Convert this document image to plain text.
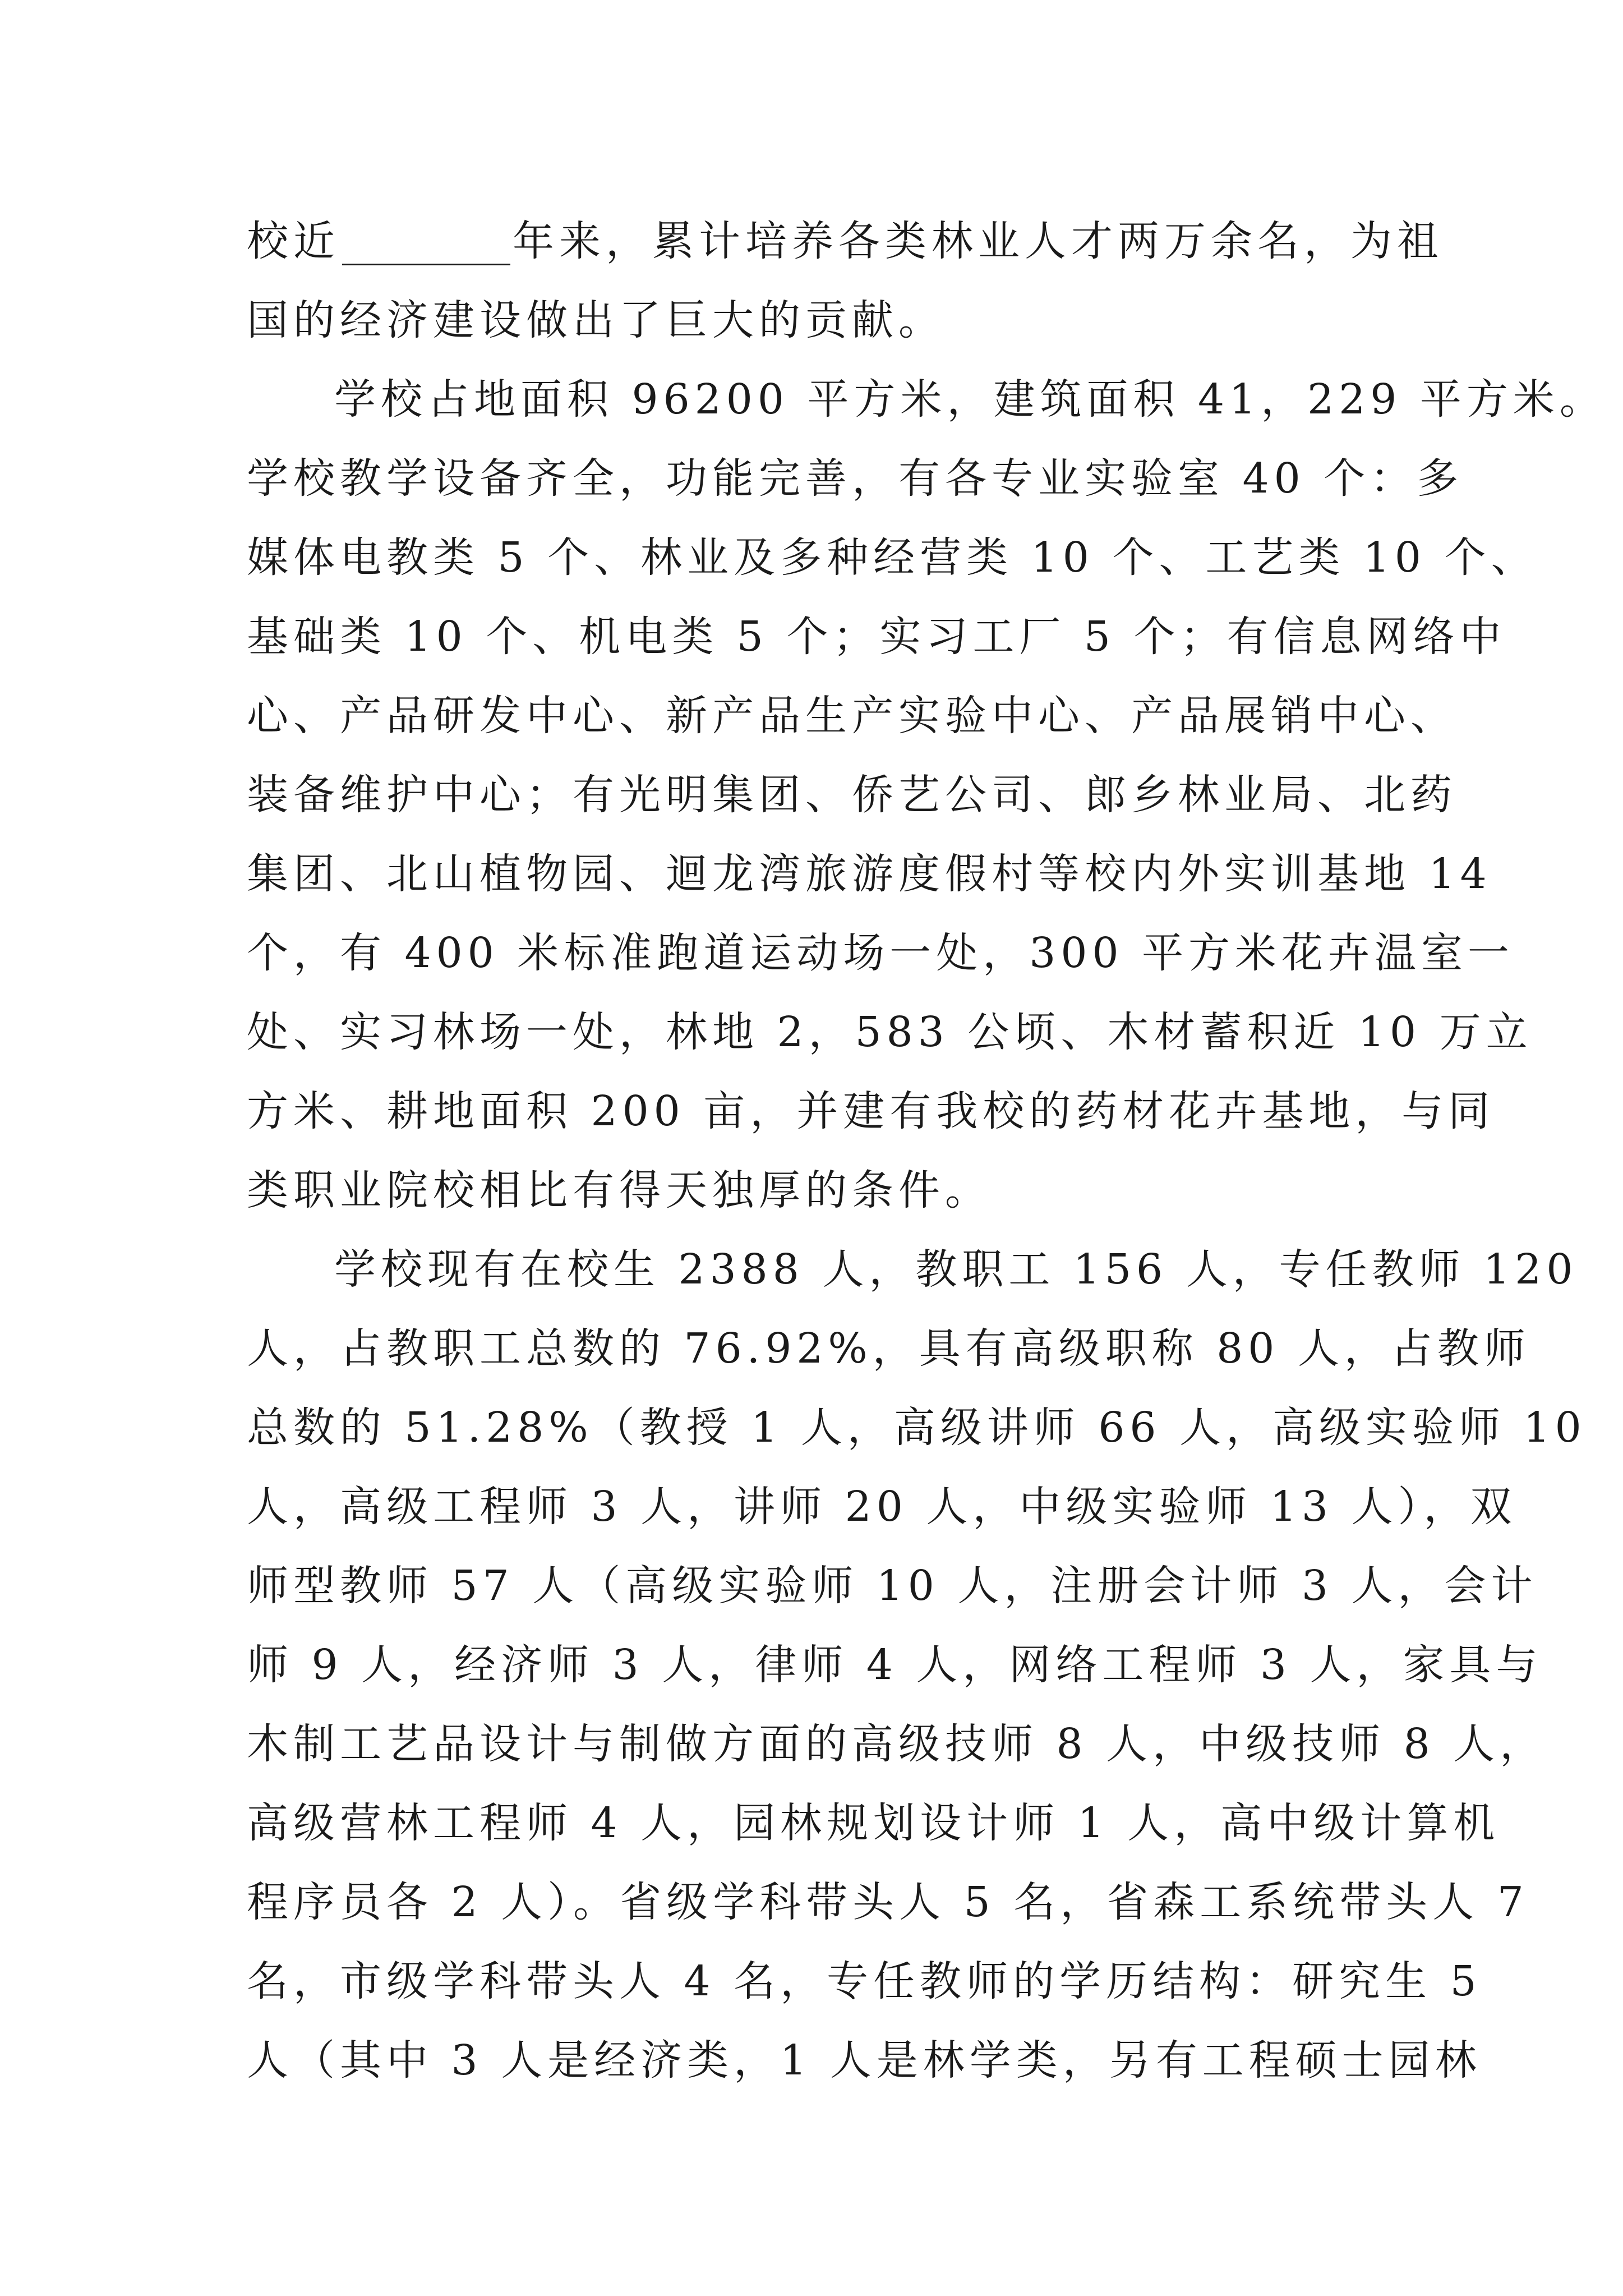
校近	年来，累计培养各类林业人才两万余名，为祖
国的经济建设做出了巨大的贡献。
学校占地面积 96200 平方米，建筑面积 41，229 平方米。
学校教学设备齐全，功能完善，有各专业实验室 40 个：多
媒体电教类 5 个、林业及多种经营类 10 个、工艺类 10 个、
基础类 10 个、机电类 5 个；实习工厂 5 个；有信息网络中
心、产品研发中心、新产品生产实验中心、产品展销中心、
装备维护中心；有光明集团、侨艺公司、郎乡林业局、北药
集团、北山植物园、迴龙湾旅游度假村等校内外实训基地 14
个，有 400 米标准跑道运动场一处，300 平方米花卉温室一
处、实习林场一处，林地 2，583 公顷、木材蓄积近 10 万立
方米、耕地面积 200 亩，并建有我校的药材花卉基地，与同
类职业院校相比有得天独厚的条件。
学校现有在校生 2388 人，教职工 156 人，专任教师 120
人，占教职工总数的 76.92%，具有高级职称 80 人，占教师
总数的 51.28%（教授 1 人，高级讲师 66 人，高级实验师 10
人，高级工程师 3 人，讲师 20 人，中级实验师 13 人），双
师型教师 57 人（高级实验师 10 人，注册会计师 3 人，会计
师 9 人，经济师 3 人，律师 4 人，网络工程师 3 人，家具与
木制工艺品设计与制做方面的高级技师 8 人，中级技师 8 人，
高级营林工程师 4 人，园林规划设计师 1 人，高中级计算机
程序员各 2 人）。省级学科带头人 5 名，省森工系统带头人 7
名，市级学科带头人 4 名，专任教师的学历结构：研究生 5
人（其中 3 人是经济类，1 人是林学类，另有工程硕士园林
